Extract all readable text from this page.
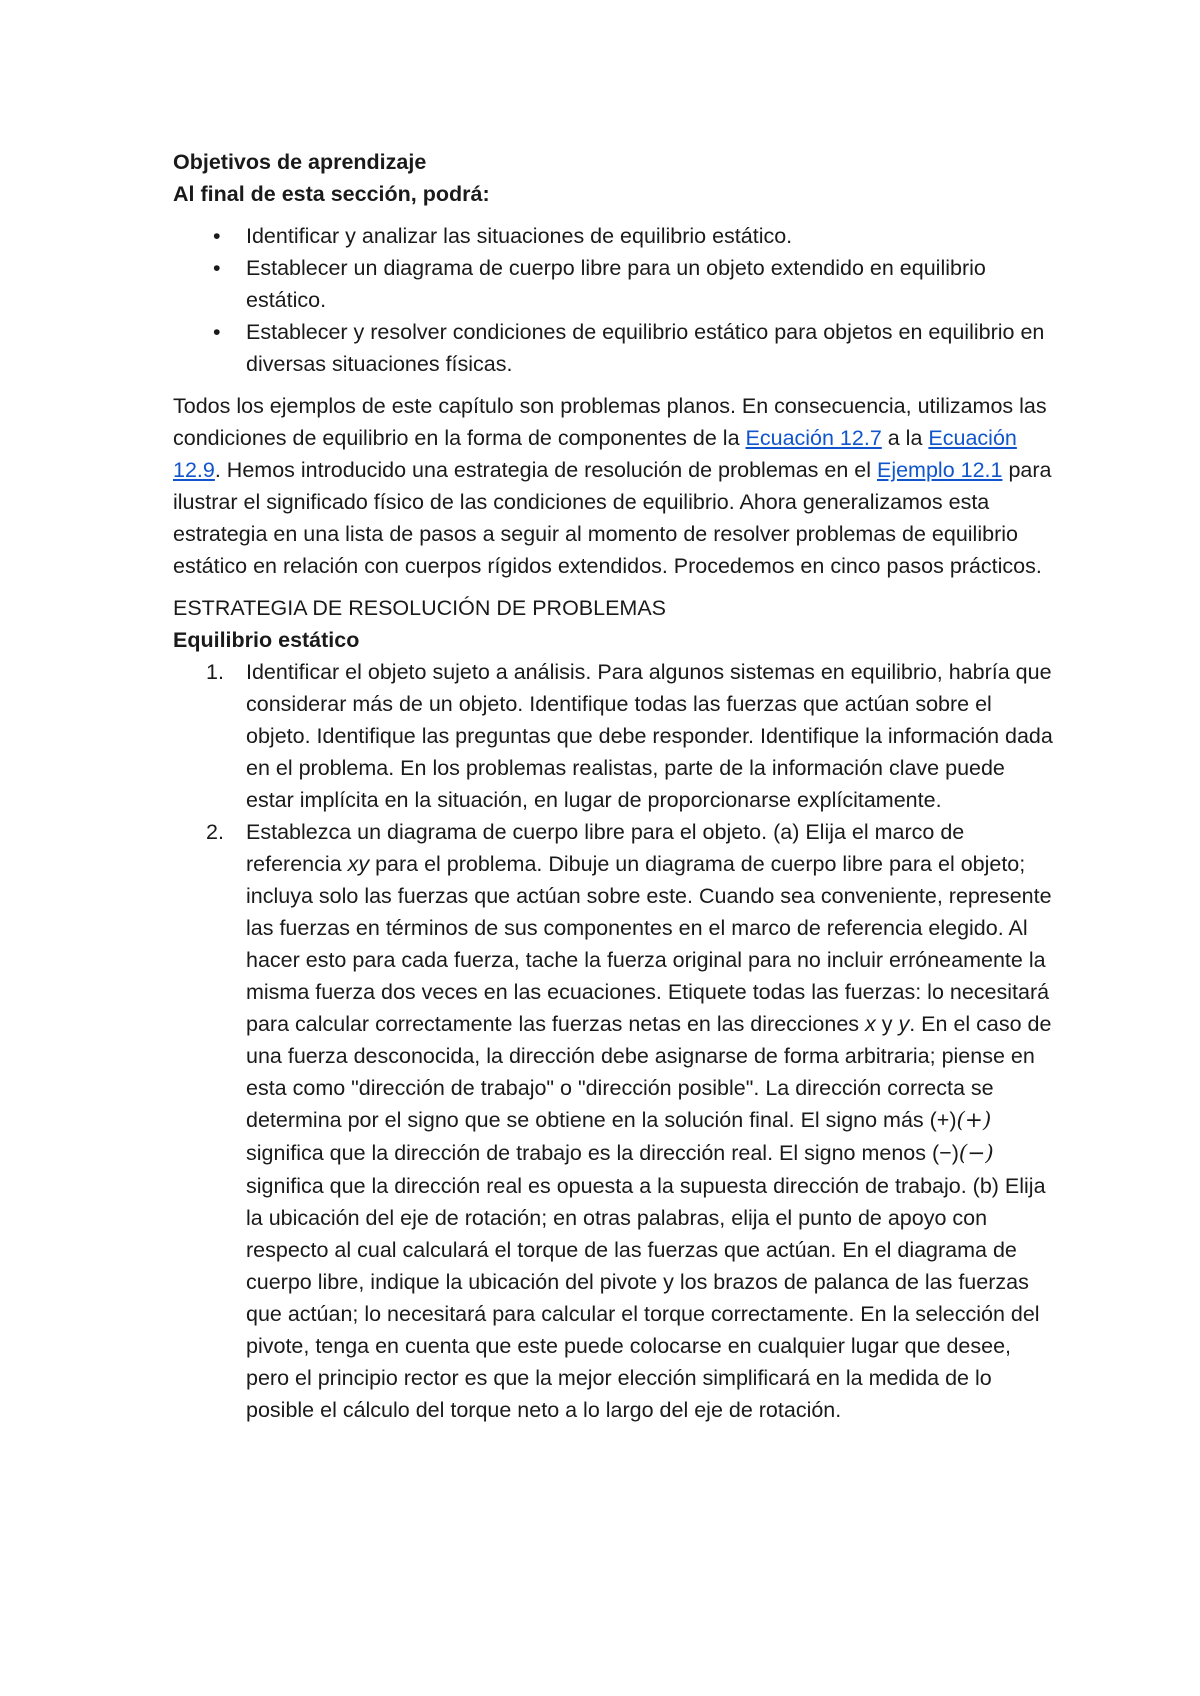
Objetivos de aprendizaje

Al final de esta sección, podrá:

• Identificar y analizar las situaciones de equilibrio estático.
• Establecer un diagrama de cuerpo libre para un objeto extendido en equilibrio estático.
• Establecer y resolver condiciones de equilibrio estático para objetos en equilibrio en diversas situaciones físicas.

Todos los ejemplos de este capítulo son problemas planos. En consecuencia, utilizamos las condiciones de equilibrio en la forma de componentes de la Ecuación 12.7 a la Ecuación 12.9. Hemos introducido una estrategia de resolución de problemas en el Ejemplo 12.1 para ilustrar el significado físico de las condiciones de equilibrio. Ahora generalizamos esta estrategia en una lista de pasos a seguir al momento de resolver problemas de equilibrio estático en relación con cuerpos rígidos extendidos. Procedemos en cinco pasos prácticos.

ESTRATEGIA DE RESOLUCIÓN DE PROBLEMAS

Equilibrio estático

1. Identificar el objeto sujeto a análisis. Para algunos sistemas en equilibrio, habría que considerar más de un objeto. Identifique todas las fuerzas que actúan sobre el objeto. Identifique las preguntas que debe responder. Identifique la información dada en el problema. En los problemas realistas, parte de la información clave puede estar implícita en la situación, en lugar de proporcionarse explícitamente.
2. Establezca un diagrama de cuerpo libre para el objeto. (a) Elija el marco de referencia xy para el problema. Dibuje un diagrama de cuerpo libre para el objeto; incluya solo las fuerzas que actúan sobre este. Cuando sea conveniente, represente las fuerzas en términos de sus componentes en el marco de referencia elegido. Al hacer esto para cada fuerza, tache la fuerza original para no incluir erróneamente la misma fuerza dos veces en las ecuaciones. Etiquete todas las fuerzas: lo necesitará para calcular correctamente las fuerzas netas en las direcciones x y y. En el caso de una fuerza desconocida, la dirección debe asignarse de forma arbitraria; piense en esta como "dirección de trabajo" o "dirección posible". La dirección correcta se determina por el signo que se obtiene en la solución final. El signo más (+)(+) significa que la dirección de trabajo es la dirección real. El signo menos (−)(−) significa que la dirección real es opuesta a la supuesta dirección de trabajo. (b) Elija la ubicación del eje de rotación; en otras palabras, elija el punto de apoyo con respecto al cual calculará el torque de las fuerzas que actúan. En el diagrama de cuerpo libre, indique la ubicación del pivote y los brazos de palanca de las fuerzas que actúan; lo necesitará para calcular el torque correctamente. En la selección del pivote, tenga en cuenta que este puede colocarse en cualquier lugar que desee, pero el principio rector es que la mejor elección simplificará en la medida de lo posible el cálculo del torque neto a lo largo del eje de rotación.
